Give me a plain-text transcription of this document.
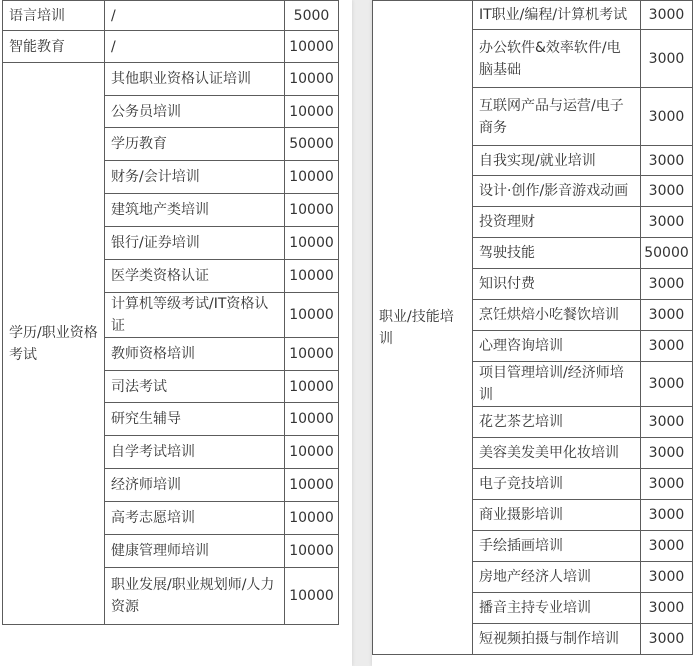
语言培训	/	5000
智能教育	/	10000
学历/职业资格考试	其他职业资格认证培训	10000
	公务员培训	10000
	学历教育	50000
	财务/会计培训	10000
	建筑地产类培训	10000
	银行/证券培训	10000
	医学类资格认证	10000
	计算机等级考试/IT资格认证	10000
	教师资格培训	10000
	司法考试	10000
	研究生辅导	10000
	自学考试培训	10000
	经济师培训	10000
	高考志愿培训	10000
	健康管理师培训	10000
	职业发展/职业规划师/人力资源	10000
职业/技能培训	IT职业/编程/计算机考试	3000
	办公软件&效率软件/电脑基础	3000
	互联网产品与运营/电子商务	3000
	自我实现/就业培训	3000
	设计·创作/影音游戏动画	3000
	投资理财	3000
	驾驶技能	50000
	知识付费	3000
	烹饪烘焙小吃餐饮培训	3000
	心理咨询培训	3000
	项目管理培训/经济师培训	3000
	花艺茶艺培训	3000
	美容美发美甲化妆培训	3000
	电子竞技培训	3000
	商业摄影培训	3000
	手绘插画培训	3000
	房地产经济人培训	3000
	播音主持专业培训	3000
	短视频拍摄与制作培训	3000
